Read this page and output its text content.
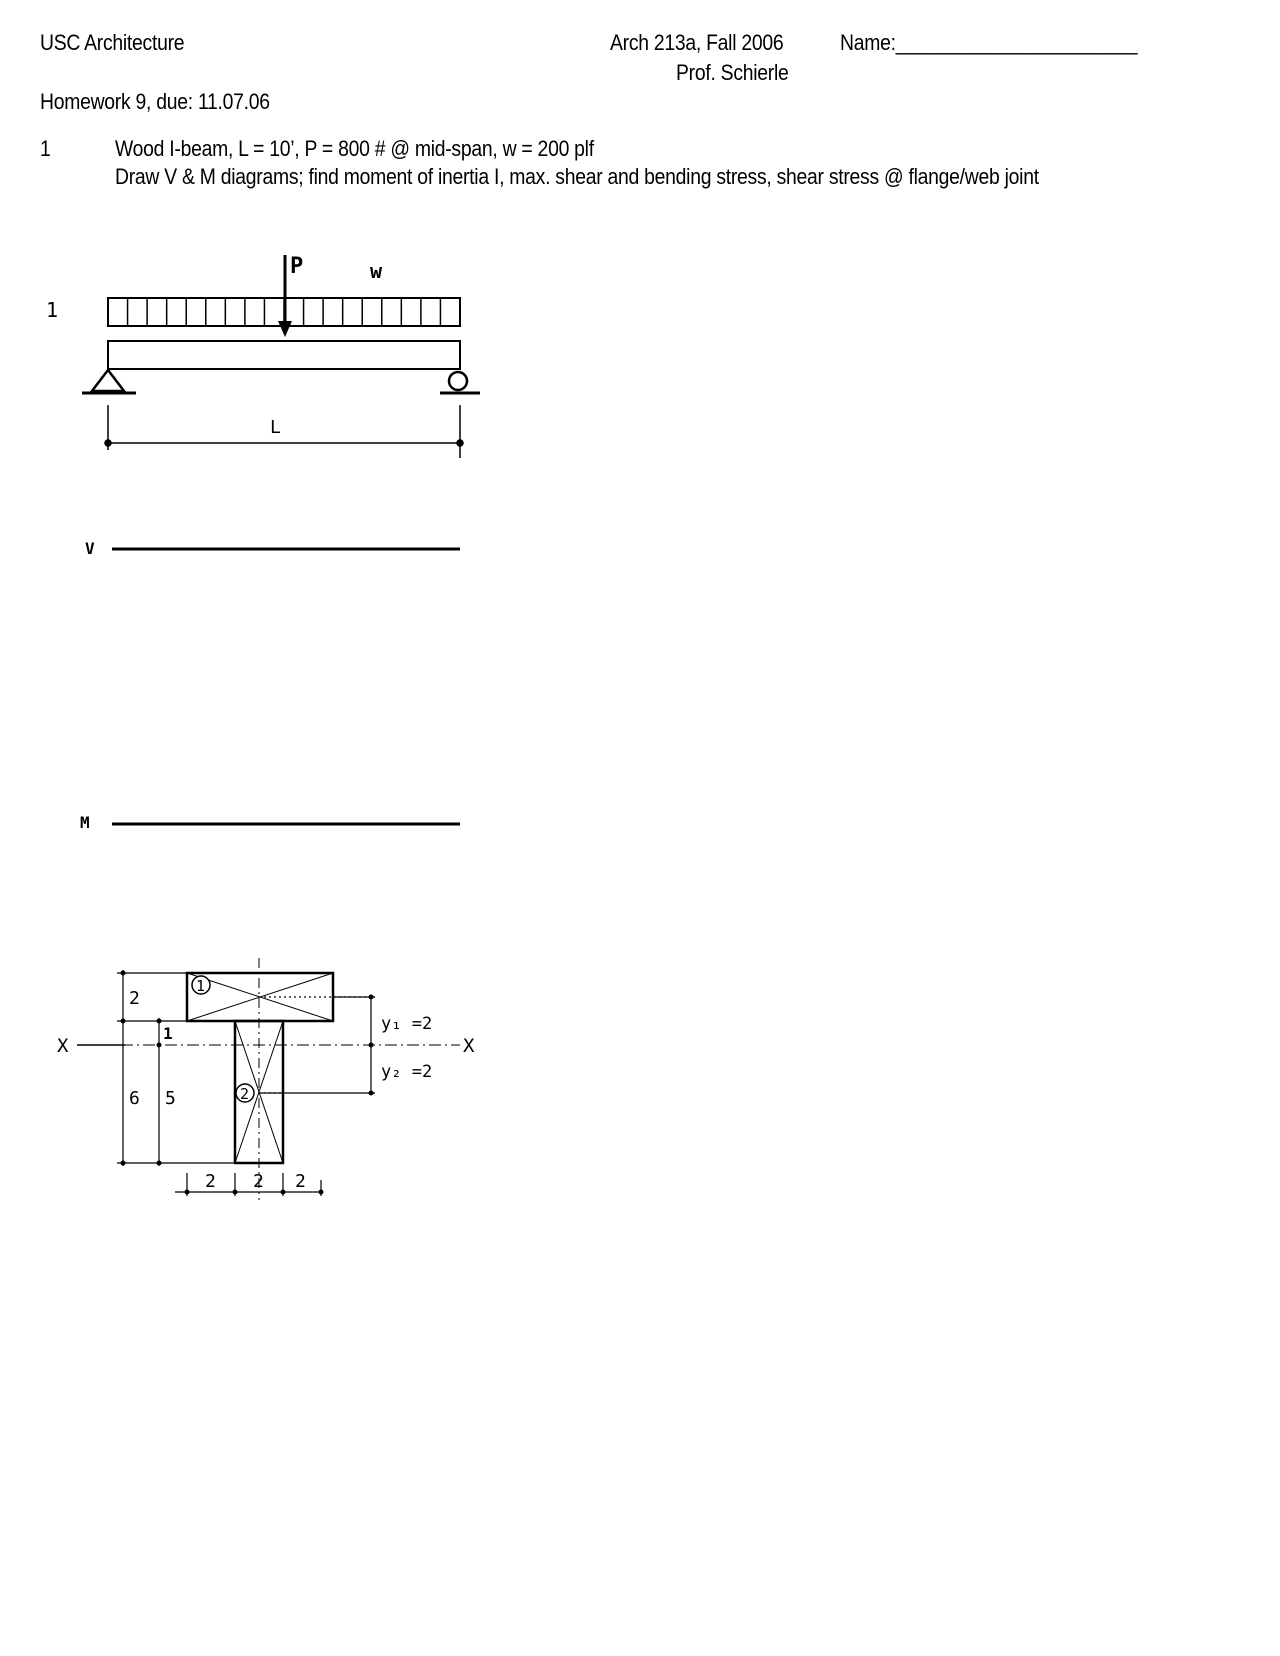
USC Architecture	Arch 213a, Fall 2006	Name:_______________________
Prof. Schierle
Homework 9, due: 11.07.06
1	Wood I-beam, L = 10’, P = 800 # @ mid-span, w = 200 plf
Draw V & M diagrams; find moment of inertia I, max. shear and bending stress, shear stress @ flange/web joint
1
w
P
L
V
M
1
2
X	X
2
1
6 5
2 2 2
y₁ =2
y₂ =2
